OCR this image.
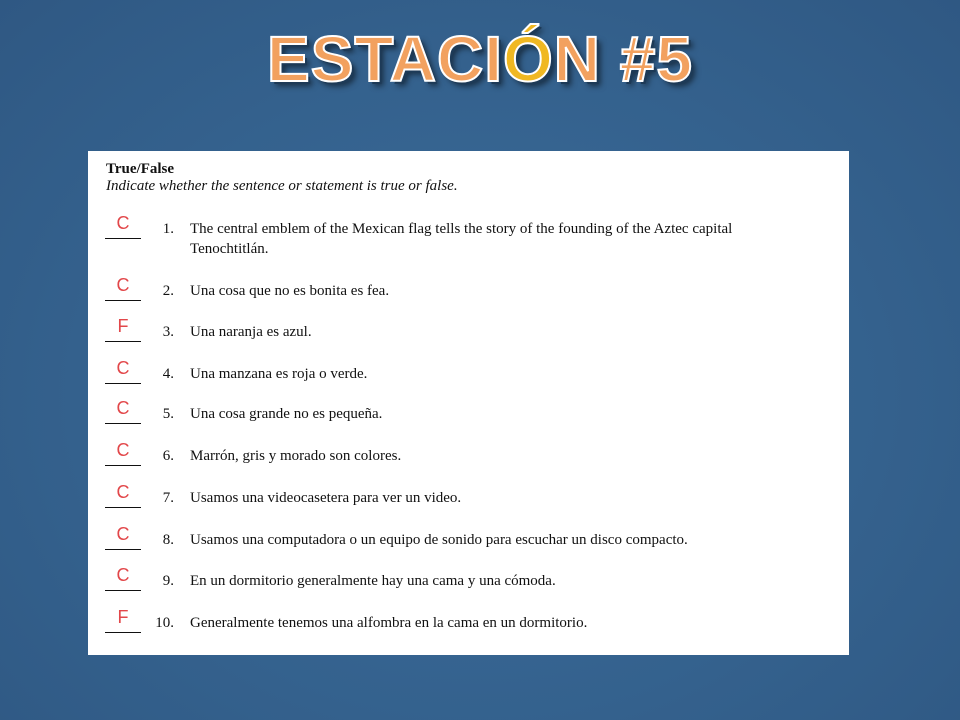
ESTACIÓN #5
True/False
Indicate whether the sentence or statement is true or false.
C	1. The central emblem of the Mexican flag tells the story of the founding of the Aztec capital Tenochtitlán.
C	2. Una cosa que no es bonita es fea.
F	3. Una naranja es azul.
C	4. Una manzana es roja o verde.
C	5. Una cosa grande no es pequeña.
C	6. Marrón, gris y morado son colores.
C	7. Usamos una videocasetera para ver un video.
C	8. Usamos una computadora o un equipo de sonido para escuchar un disco compacto.
C	9. En un dormitorio generalmente hay una cama y una cómoda.
F	10. Generalmente tenemos una alfombra en la cama en un dormitorio.
